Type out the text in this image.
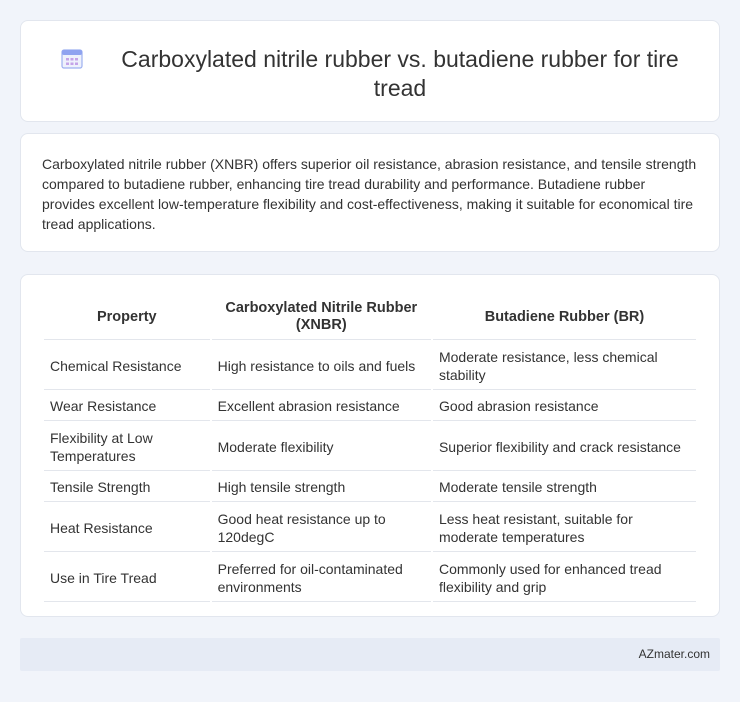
Carboxylated nitrile rubber vs. butadiene rubber for tire tread

Carboxylated nitrile rubber (XNBR) offers superior oil resistance, abrasion resistance, and tensile strength compared to butadiene rubber, enhancing tire tread durability and performance. Butadiene rubber provides excellent low-temperature flexibility and cost-effectiveness, making it suitable for economical tire tread applications.

Property	Carboxylated Nitrile Rubber (XNBR)	Butadiene Rubber (BR)
Chemical Resistance	High resistance to oils and fuels	Moderate resistance, less chemical stability
Wear Resistance	Excellent abrasion resistance	Good abrasion resistance
Flexibility at Low Temperatures	Moderate flexibility	Superior flexibility and crack resistance
Tensile Strength	High tensile strength	Moderate tensile strength
Heat Resistance	Good heat resistance up to 120degC	Less heat resistant, suitable for moderate temperatures
Use in Tire Tread	Preferred for oil-contaminated environments	Commonly used for enhanced tread flexibility and grip
AZmater.com
